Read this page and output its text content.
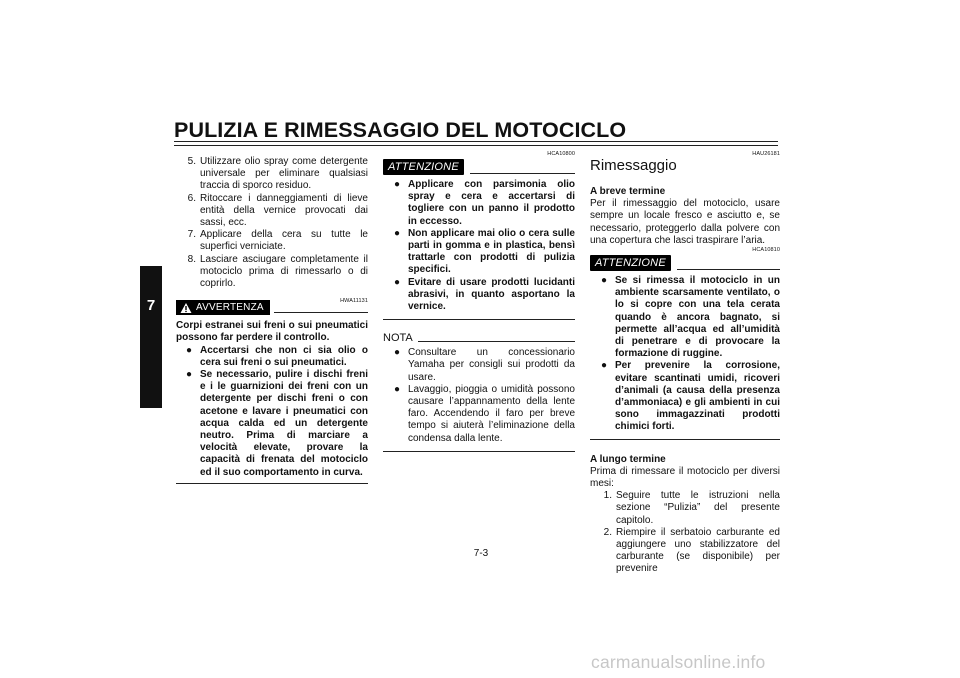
PULIZIA E RIMESSAGGIO DEL MOTOCICLO
7
5. Utilizzare olio spray come detergente universale per eliminare qualsiasi traccia di sporco residuo.
6. Ritoccare i danneggiamenti di lieve entità della vernice provocati dai sassi, ecc.
7. Applicare della cera su tutte le superfici verniciate.
8. Lasciare asciugare completamente il motociclo prima di rimessarlo o di coprirlo.
HWA11131
AVVERTENZA
Corpi estranei sui freni o sui pneumatici possono far perdere il controllo.
● Accertarsi che non ci sia olio o cera sui freni o sui pneumatici.
● Se necessario, pulire i dischi freni e i le guarnizioni dei freni con un detergente per dischi freni o con acetone e lavare i pneumatici con acqua calda ed un detergente neutro. Prima di marciare a velocità elevate, provare la capacità di frenata del motociclo ed il suo comportamento in curva.
HCA10800
ATTENZIONE
● Applicare con parsimonia olio spray e cera e accertarsi di togliere con un panno il prodotto in eccesso.
● Non applicare mai olio o cera sulle parti in gomma e in plastica, bensì trattarle con prodotti di pulizia specifici.
● Evitare di usare prodotti lucidanti abrasivi, in quanto asportano la vernice.
NOTA
● Consultare un concessionario Yamaha per consigli sui prodotti da usare.
● Lavaggio, pioggia o umidità possono causare l’appannamento della lente faro. Accendendo il faro per breve tempo si aiuterà l’eliminazione della condensa dalla lente.
HAU26181
Rimessaggio
A breve termine
Per il rimessaggio del motociclo, usare sempre un locale fresco e asciutto e, se necessario, proteggerlo dalla polvere con una copertura che lasci traspirare l’aria.
HCA10810
ATTENZIONE
● Se si rimessa il motociclo in un ambiente scarsamente ventilato, o lo si copre con una tela cerata quando è ancora bagnato, si permette all’acqua ed all’umidità di penetrare e di provocare la formazione di ruggine.
● Per prevenire la corrosione, evitare scantinati umidi, ricoveri d’animali (a causa della presenza d’ammoniaca) e gli ambienti in cui sono immagazzinati prodotti chimici forti.
A lungo termine
Prima di rimessare il motociclo per diversi mesi:
1. Seguire tutte le istruzioni nella sezione “Pulizia” del presente capitolo.
2. Riempire il serbatoio carburante ed aggiungere uno stabilizzatore del carburante (se disponibile) per prevenire
7-3
carmanualsonline.info
